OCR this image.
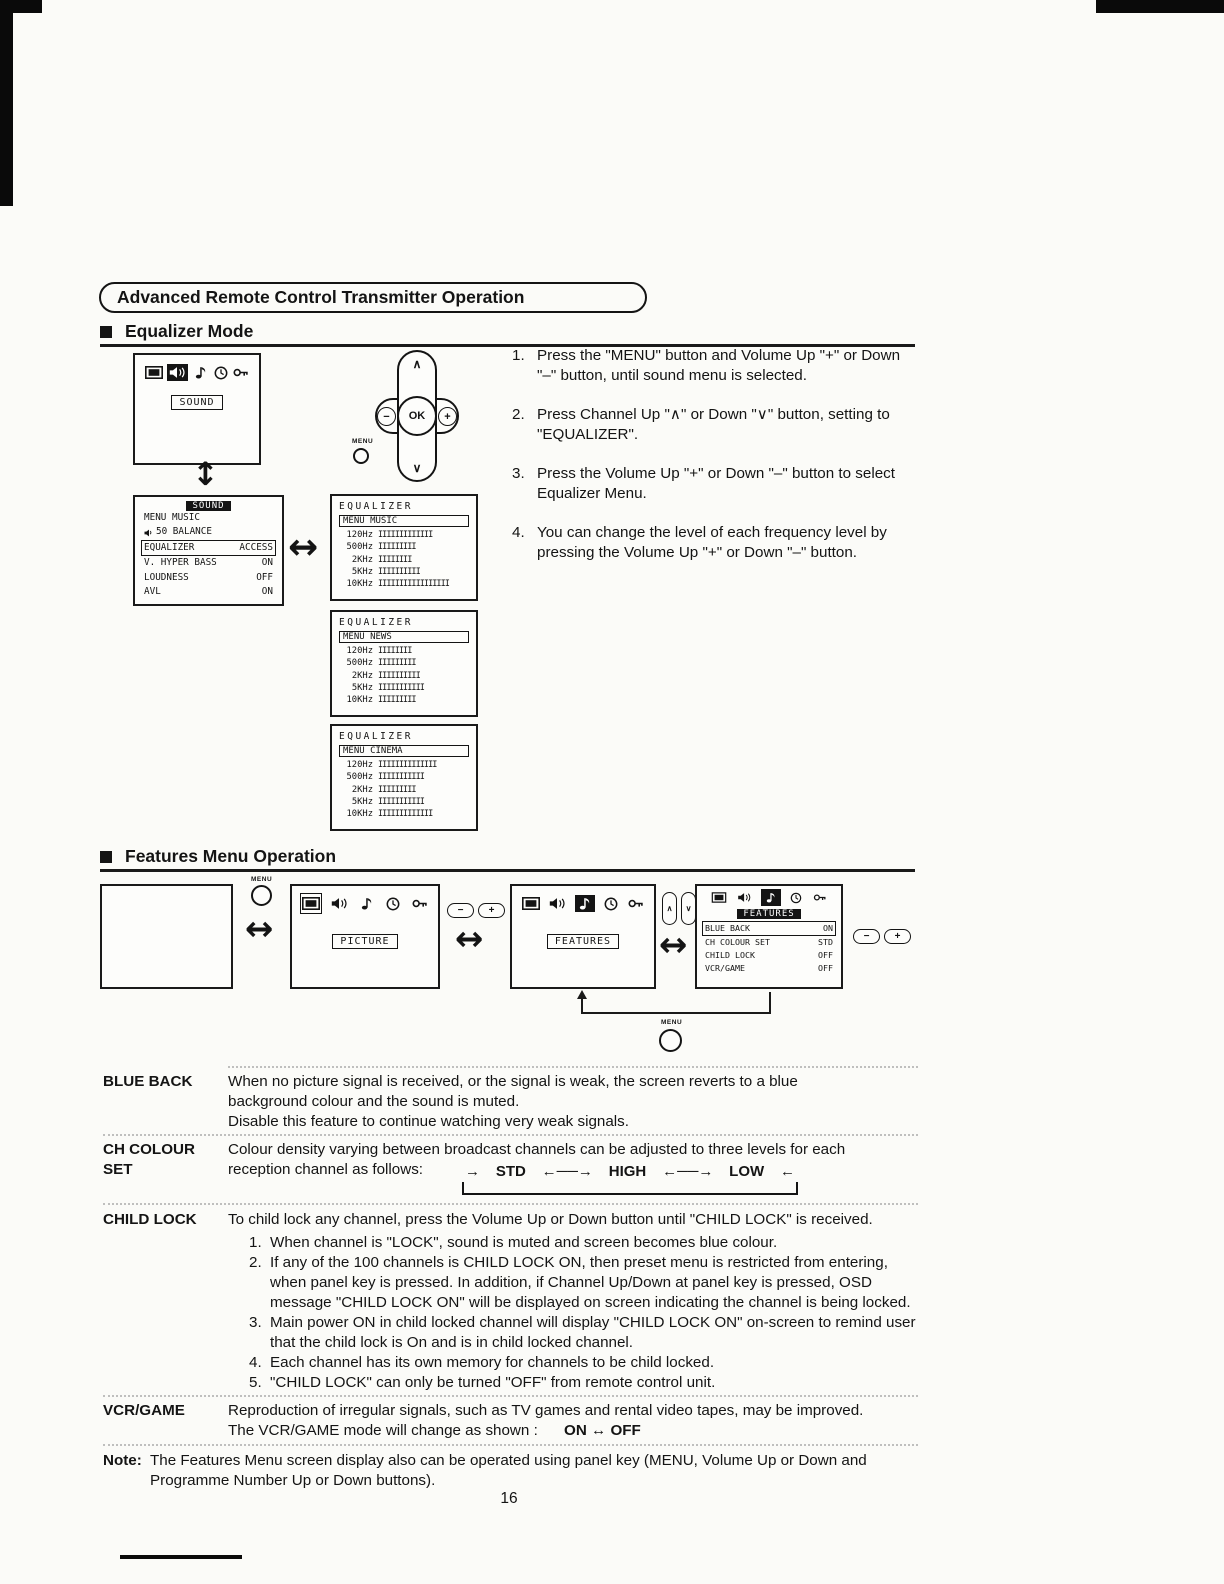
Advanced Remote Control Transmitter Operation
Equalizer Mode
SOUND
↕
∧
∨
−	+
OK
MENU
1. Press the "MENU" button and Volume Up "+" or Down "–" button, until sound menu is selected.
2. Press Channel Up "∧" or Down "∨" button, setting to "EQUALIZER".
3. Press the Volume Up "+" or Down "–" button to select Equalizer Menu.
4. You can change the level of each frequency level by pressing the Volume Up "+" or Down "–" button.
SOUND
MENU MUSIC
50 BALANCE
EQUALIZER	ACCESS
V. HYPER BASS	ON
LOUDNESS	OFF
AVL	ON
↔
EQUALIZER
MENU MUSIC
120Hz IIIIIIIIIIIII
500Hz IIIIIIIII
2KHz IIIIIIII
5KHz IIIIIIIIII
10KHz IIIIIIIIIIIIIIIII
EQUALIZER
MENU NEWS
120Hz IIIIIIII
500Hz IIIIIIIII
2KHz IIIIIIIIII
5KHz IIIIIIIIIII
10KHz IIIIIIIII
EQUALIZER
MENU CINEMA
120Hz IIIIIIIIIIIIII
500Hz IIIIIIIIIII
2KHz IIIIIIIII
5KHz IIIIIIIIIII
10KHz IIIIIIIIIIIII
Features Menu Operation
MENU
↔	PICTURE
−	+
↔	FEATURES
∧	∨
↔
FEATURES
BLUE BACK	ON
CH COLOUR SET	STD
CHILD LOCK	OFF
VCR/GAME	OFF
−	+
MENU
BLUE BACK When no picture signal is received, or the signal is weak, the screen reverts to a blue background colour and the sound is muted.
Disable this feature to continue watching very weak signals.
CH COLOUR
SET
Colour density varying between broadcast channels can be adjusted to three levels for each reception channel as follows:	→ STD ←──→ HIGH ←──→ LOW ←
CHILD LOCK To child lock any channel, press the Volume Up or Down button until "CHILD LOCK" is received.
1. When channel is "LOCK", sound is muted and screen becomes blue colour.
2. If any of the 100 channels is CHILD LOCK ON, then preset menu is restricted from entering, when panel key is pressed. In addition, if Channel Up/Down at panel key is pressed, OSD message "CHILD LOCK ON" will be displayed on screen indicating the channel is being locked.
3. Main power ON in child locked channel will display "CHILD LOCK ON" on-screen to remind user that the child lock is On and is in child locked channel.
4. Each channel has its own memory for channels to be child locked.
5. "CHILD LOCK" can only be turned "OFF" from remote control unit.
VCR/GAME	Reproduction of irregular signals, such as TV games and rental video tapes, may be improved.
The VCR/GAME mode will change as shown : ON ↔ OFF
Note: The Features Menu screen display also can be operated using panel key (MENU, Volume Up or Down and Programme Number Up or Down buttons).
16
